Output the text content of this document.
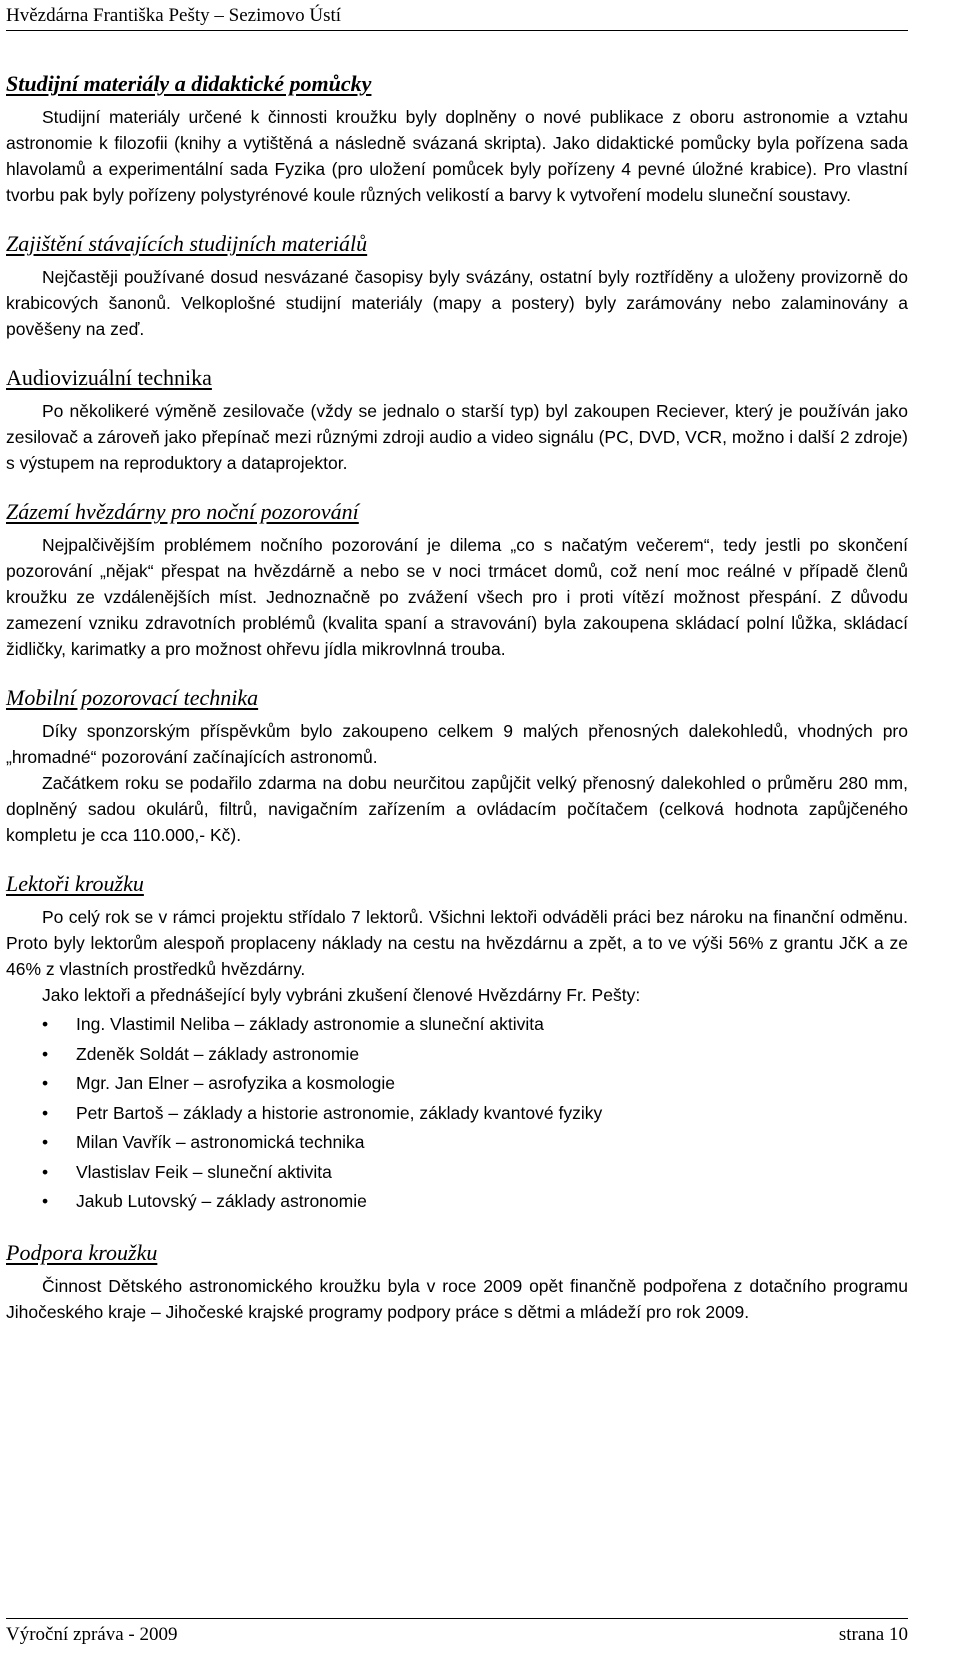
Hvězdárna Františka Pešty – Sezimovo Ústí
Studijní materiály a didaktické pomůcky

Studijní materiály určené k činnosti kroužku byly doplněny o nové publikace z oboru astronomie a vztahu astronomie k filozofii (knihy a vytištěná a následně svázaná skripta). Jako didaktické pomůcky byla pořízena sada hlavolamů a experimentální sada Fyzika (pro uložení pomůcek byly pořízeny 4 pevné úložné krabice). Pro vlastní tvorbu pak byly pořízeny polystyrénové koule různých velikostí a barvy k vytvoření modelu sluneční soustavy.

Zajištění stávajících studijních materiálů

Nejčastěji používané dosud nesvázané časopisy byly svázány, ostatní byly roztříděny a uloženy provizorně do krabicových šanonů. Velkoplošné studijní materiály (mapy a postery) byly zarámovány nebo zalaminovány a pověšeny na zeď.

Audiovizuální technika

Po několikeré výměně zesilovače (vždy se jednalo o starší typ) byl zakoupen Reciever, který je používán jako zesilovač a zároveň jako přepínač mezi různými zdroji audio a video signálu (PC, DVD, VCR, možno i další 2 zdroje) s výstupem na reproduktory a dataprojektor.

Zázemí hvězdárny pro noční pozorování

Nejpalčivějším problémem nočního pozorování je dilema „co s načatým večerem“, tedy jestli po skončení pozorování „nějak“ přespat na hvězdárně a nebo se v noci trmácet domů, což není moc reálné v případě členů kroužku ze vzdálenějších míst. Jednoznačně po zvážení všech pro i proti vítězí možnost přespání. Z důvodu zamezení vzniku zdravotních problémů (kvalita spaní a stravování) byla zakoupena skládací polní lůžka, skládací židličky, karimatky a pro možnost ohřevu jídla mikrovlnná trouba.

Mobilní pozorovací technika

Díky sponzorským příspěvkům bylo zakoupeno celkem 9 malých přenosných dalekohledů, vhodných pro „hromadné“ pozorování začínajících astronomů.

Začátkem roku se podařilo zdarma na dobu neurčitou zapůjčit velký přenosný dalekohled o průměru 280 mm, doplněný sadou okulárů, filtrů, navigačním zařízením a ovládacím počítačem (celková hodnota zapůjčeného kompletu je cca 110.000,- Kč).

Lektoři kroužku

Po celý rok se v rámci projektu střídalo 7 lektorů. Všichni lektoři odváděli práci bez nároku na finanční odměnu. Proto byly lektorům alespoň proplaceny náklady na cestu na hvězdárnu a zpět, a to ve výši 56% z grantu JčK a ze 46% z vlastních prostředků hvězdárny.

Jako lektoři a přednášející byly vybráni zkušení členové Hvězdárny Fr. Pešty:

• Ing. Vlastimil Neliba – základy astronomie a sluneční aktivita
• Zdeněk Soldát – základy astronomie
• Mgr. Jan Elner – asrofyzika a kosmologie
• Petr Bartoš – základy a historie astronomie, základy kvantové fyziky
• Milan Vavřík – astronomická technika
• Vlastislav Feik – sluneční aktivita
• Jakub Lutovský – základy astronomie
Podpora kroužku

Činnost Dětského astronomického kroužku byla v roce 2009 opět finančně podpořena z dotačního programu Jihočeského kraje – Jihočeské krajské programy podpory práce s dětmi a mládeží pro rok 2009.

Výroční zpráva - 2009	strana 10
